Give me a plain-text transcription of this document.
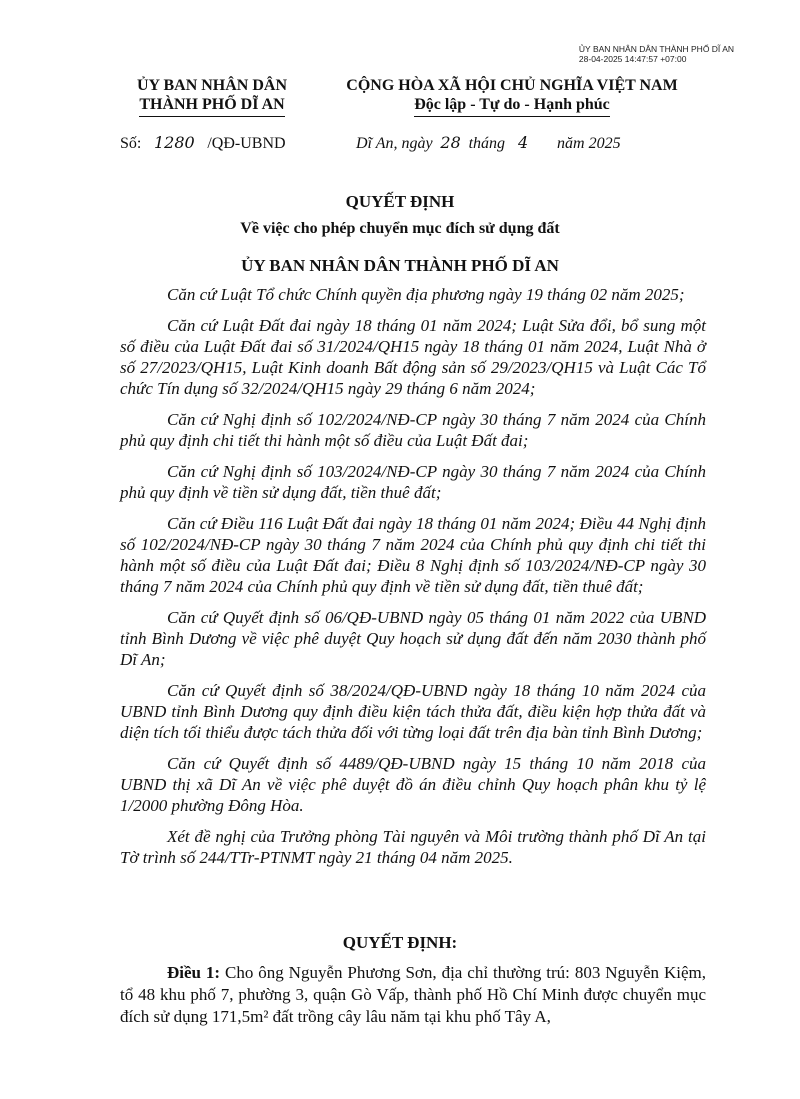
ỦY BAN NHÂN DÂN THÀNH PHỐ DĨ AN
28-04-2025 14:47:57 +07:00
ỦY BAN NHÂN DÂN
THÀNH PHỐ DĨ AN
CỘNG HÒA XÃ HỘI CHỦ NGHĨA VIỆT NAM
Độc lập - Tự do - Hạnh phúc
Số: 1280 /QĐ-UBND	Dĩ An, ngày 28 tháng 4 năm 2025
QUYẾT ĐỊNH
Về việc cho phép chuyển mục đích sử dụng đất
ỦY BAN NHÂN DÂN THÀNH PHỐ DĨ AN

Căn cứ Luật Tổ chức Chính quyền địa phương ngày 19 tháng 02 năm 2025;

Căn cứ Luật Đất đai ngày 18 tháng 01 năm 2024; Luật Sửa đổi, bổ sung một số điều của Luật Đất đai số 31/2024/QH15 ngày 18 tháng 01 năm 2024, Luật Nhà ở số 27/2023/QH15, Luật Kinh doanh Bất động sản số 29/2023/QH15 và Luật Các Tổ chức Tín dụng số 32/2024/QH15 ngày 29 tháng 6 năm 2024;

Căn cứ Nghị định số 102/2024/NĐ-CP ngày 30 tháng 7 năm 2024 của Chính phủ quy định chi tiết thi hành một số điều của Luật Đất đai;

Căn cứ Nghị định số 103/2024/NĐ-CP ngày 30 tháng 7 năm 2024 của Chính phủ quy định về tiền sử dụng đất, tiền thuê đất;

Căn cứ Điều 116 Luật Đất đai ngày 18 tháng 01 năm 2024; Điều 44 Nghị định số 102/2024/NĐ-CP ngày 30 tháng 7 năm 2024 của Chính phủ quy định chi tiết thi hành một số điều của Luật Đất đai; Điều 8 Nghị định số 103/2024/NĐ-CP ngày 30 tháng 7 năm 2024 của Chính phủ quy định về tiền sử dụng đất, tiền thuê đất;

Căn cứ Quyết định số 06/QĐ-UBND ngày 05 tháng 01 năm 2022 của UBND tỉnh Bình Dương về việc phê duyệt Quy hoạch sử dụng đất đến năm 2030 thành phố Dĩ An;

Căn cứ Quyết định số 38/2024/QĐ-UBND ngày 18 tháng 10 năm 2024 của UBND tỉnh Bình Dương quy định điều kiện tách thửa đất, điều kiện hợp thửa đất và diện tích tối thiểu được tách thửa đối với từng loại đất trên địa bàn tỉnh Bình Dương;

Căn cứ Quyết định số 4489/QĐ-UBND ngày 15 tháng 10 năm 2018 của UBND thị xã Dĩ An về việc phê duyệt đồ án điều chỉnh Quy hoạch phân khu tỷ lệ 1/2000 phường Đông Hòa.

Xét đề nghị của Trưởng phòng Tài nguyên và Môi trường thành phố Dĩ An tại Tờ trình số 244/TTr-PTNMT ngày 21 tháng 04 năm 2025.

QUYẾT ĐỊNH:
Điều 1: Cho ông Nguyễn Phương Sơn, địa chỉ thường trú: 803 Nguyễn Kiệm, tổ 48 khu phố 7, phường 3, quận Gò Vấp, thành phố Hồ Chí Minh được chuyển mục đích sử dụng 171,5m² đất trồng cây lâu năm tại khu phố Tây A,
